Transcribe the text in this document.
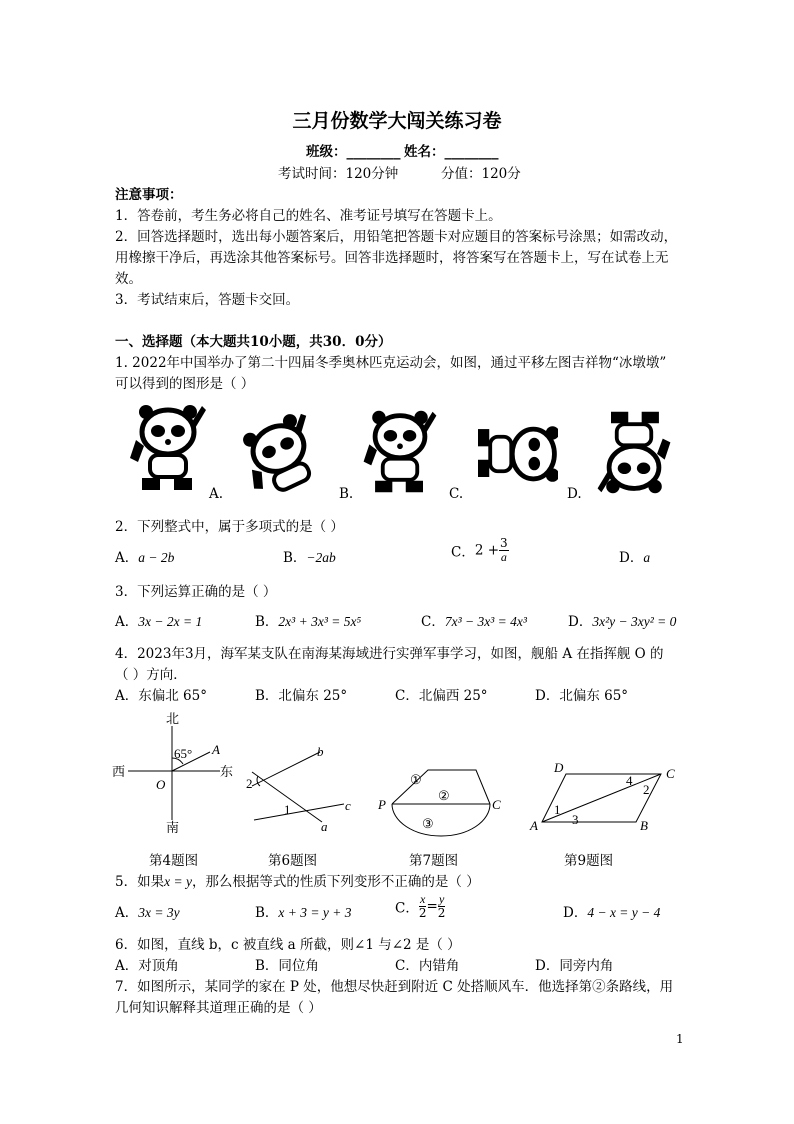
三月份数学大闯关练习卷
班级：________ 姓名：________
考试时间：120分钟	分值：120分
注意事项：
1．答卷前，考生务必将自己的姓名、准考证号填写在答题卡上。
2．回答选择题时，选出每小题答案后，用铅笔把答题卡对应题目的答案标号涂黑；如需改动，
用橡擦干净后，再选涂其他答案标号。回答非选择题时，将答案写在答题卡上，写在试卷上无
效。
3．考试结束后，答题卡交回。
一、选择题（本大题共10小题，共30．0分）
1. 2022年中国举办了第二十四届冬季奥林匹克运动会，如图，通过平移左图吉祥物“冰墩墩”
可以得到的图形是（ ）
A.	B.	C.	D.
2．下列整式中，属于多项式的是（ ）
A．a − 2b	B．−2ab	C．$2 + \frac{3}{a}$	D．a
3．下列运算正确的是（ ）
A．3x − 2x = 1	B．2x³ + 3x³ = 5x⁵	C．7x³ − 3x³ = 4x³	D．3x²y − 3xy² = 0
4．2023年3月，海军某支队在南海某海域进行实弹军事学习，如图，舰船 A 在指挥舰 O 的
（ ）方向．
A．东偏北 65°	B．北偏东 25°	C．北偏西 25°	D．北偏东 65°
北
南
西	东
65° A
O
第4题图
b
c
a
1
2
第6题图
P	C
①
②
③
第7题图
D	C
A	B
1
2
3
4
第9题图
5．如果x = y，那么根据等式的性质下列变形不正确的是（ ）
A．3x = 3y	B．x + 3 = y + 3	C． $\frac{x}{2} = \frac{y}{2}$	D．4 − x = y − 4
6．如图，直线 b，c 被直线 a 所截，则∠1 与∠2 是（ ）
A．对顶角	B．同位角	C．内错角	D．同旁内角
7．如图所示，某同学的家在 P 处，他想尽快赶到附近 C 处搭顺风车．他选择第②条路线，用
几何知识解释其道理正确的是（ ）
1
